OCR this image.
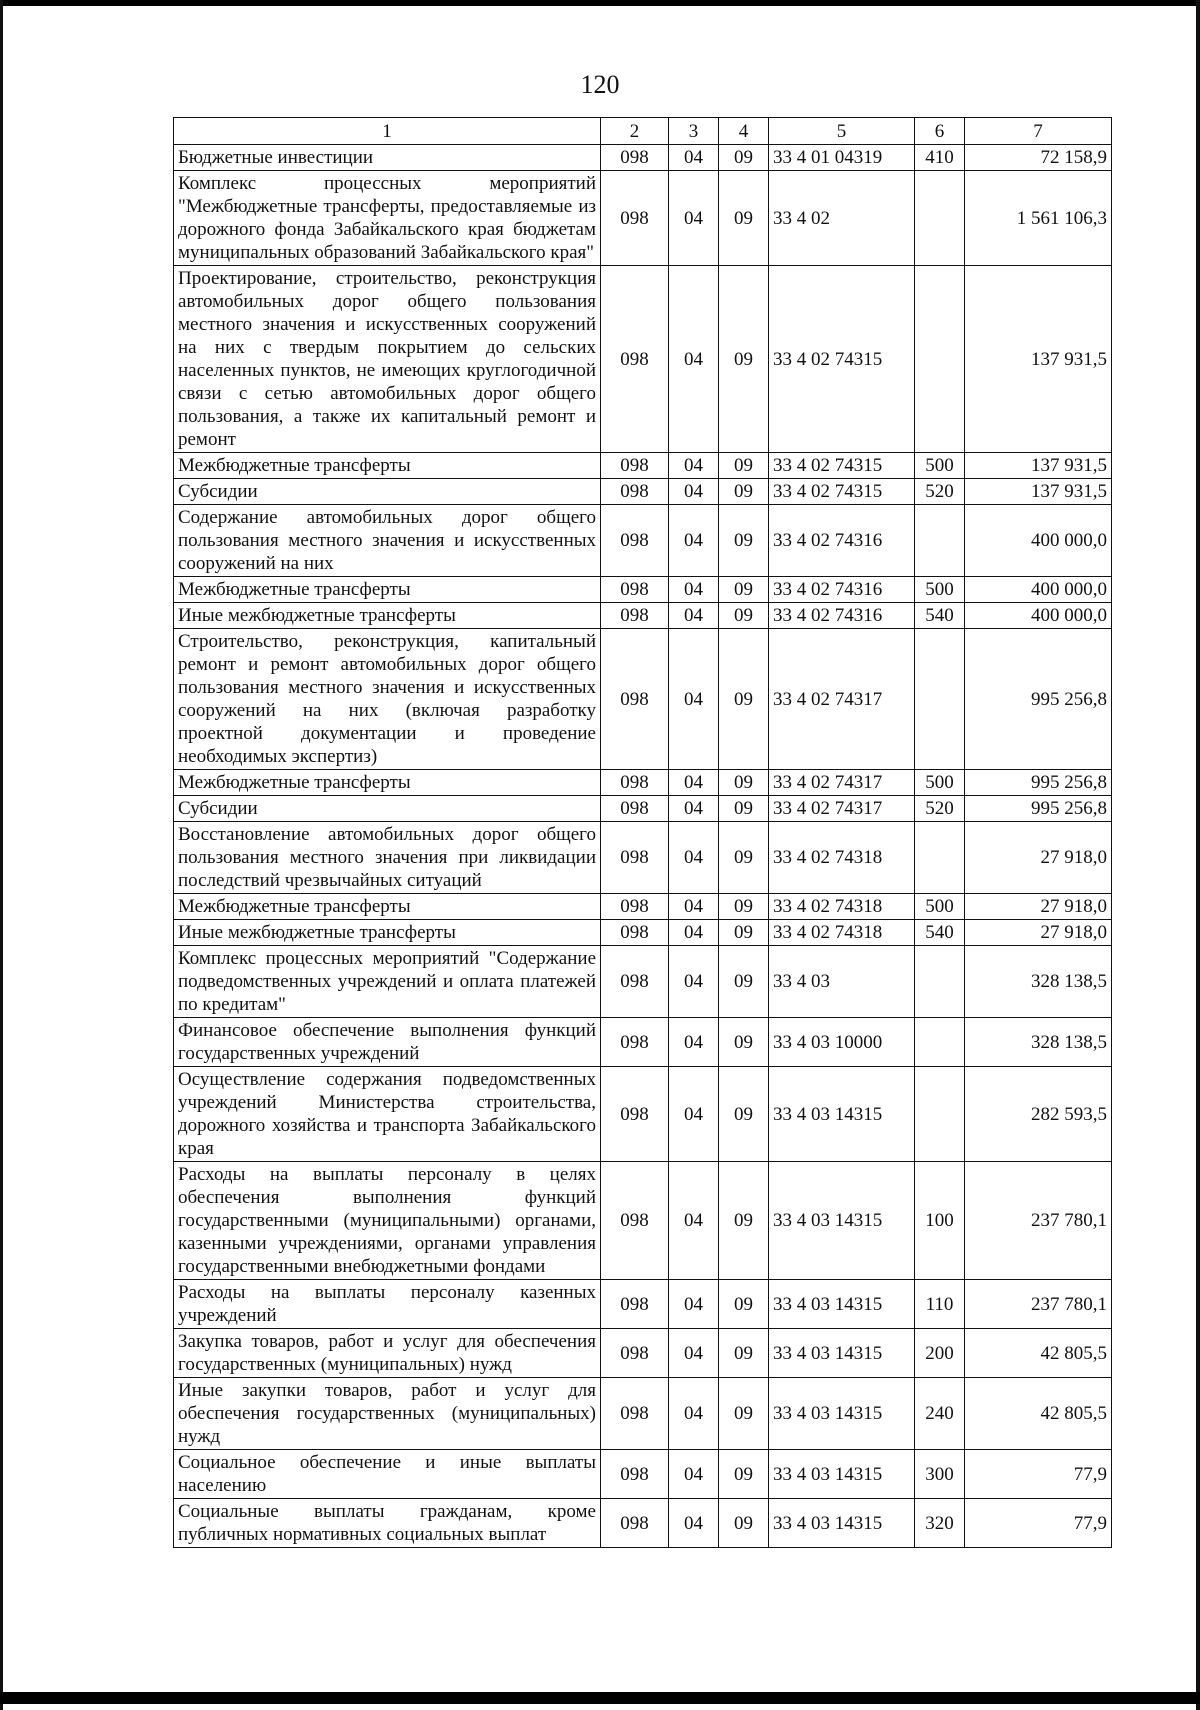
120
1	2	3	4	5	6	7
Бюджетные инвестиции	098	04	09	33 4 01 04319	410	72 158,9
Комплекс процессных мероприятий "Межбюджетные трансферты, предоставляемые из дорожного фонда Забайкальского края бюджетам муниципальных образований Забайкальского края"	098	04	09	33 4 02		1 561 106,3
Проектирование, строительство, реконструкция автомобильных дорог общего пользования местного значения и искусственных сооружений на них с твердым покрытием до сельских населенных пунктов, не имеющих круглогодичной связи с сетью автомобильных дорог общего пользования, а также их капитальный ремонт и ремонт	098	04	09	33 4 02 74315		137 931,5
Межбюджетные трансферты	098	04	09	33 4 02 74315	500	137 931,5
Субсидии	098	04	09	33 4 02 74315	520	137 931,5
Содержание автомобильных дорог общего пользования местного значения и искусственных сооружений на них	098	04	09	33 4 02 74316		400 000,0
Межбюджетные трансферты	098	04	09	33 4 02 74316	500	400 000,0
Иные межбюджетные трансферты	098	04	09	33 4 02 74316	540	400 000,0
Строительство, реконструкция, капитальный ремонт и ремонт автомобильных дорог общего пользования местного значения и искусственных сооружений на них (включая разработку проектной документации и проведение необходимых экспертиз)	098	04	09	33 4 02 74317		995 256,8
Межбюджетные трансферты	098	04	09	33 4 02 74317	500	995 256,8
Субсидии	098	04	09	33 4 02 74317	520	995 256,8
Восстановление автомобильных дорог общего пользования местного значения при ликвидации последствий чрезвычайных ситуаций	098	04	09	33 4 02 74318		27 918,0
Межбюджетные трансферты	098	04	09	33 4 02 74318	500	27 918,0
Иные межбюджетные трансферты	098	04	09	33 4 02 74318	540	27 918,0
Комплекс процессных мероприятий "Содержание подведомственных учреждений и оплата платежей по кредитам"	098	04	09	33 4 03		328 138,5
Финансовое обеспечение выполнения функций государственных учреждений	098	04	09	33 4 03 10000		328 138,5
Осуществление содержания подведомственных учреждений Министерства строительства, дорожного хозяйства и транспорта Забайкальского края	098	04	09	33 4 03 14315		282 593,5
Расходы на выплаты персоналу в целях обеспечения выполнения функций государственными (муниципальными) органами, казенными учреждениями, органами управления государственными внебюджетными фондами	098	04	09	33 4 03 14315	100	237 780,1
Расходы на выплаты персоналу казенных учреждений	098	04	09	33 4 03 14315	110	237 780,1
Закупка товаров, работ и услуг для обеспечения государственных (муниципальных) нужд	098	04	09	33 4 03 14315	200	42 805,5
Иные закупки товаров, работ и услуг для обеспечения государственных (муниципальных) нужд	098	04	09	33 4 03 14315	240	42 805,5
Социальное обеспечение и иные выплаты населению	098	04	09	33 4 03 14315	300	77,9
Социальные выплаты гражданам, кроме публичных нормативных социальных выплат	098	04	09	33 4 03 14315	320	77,9
